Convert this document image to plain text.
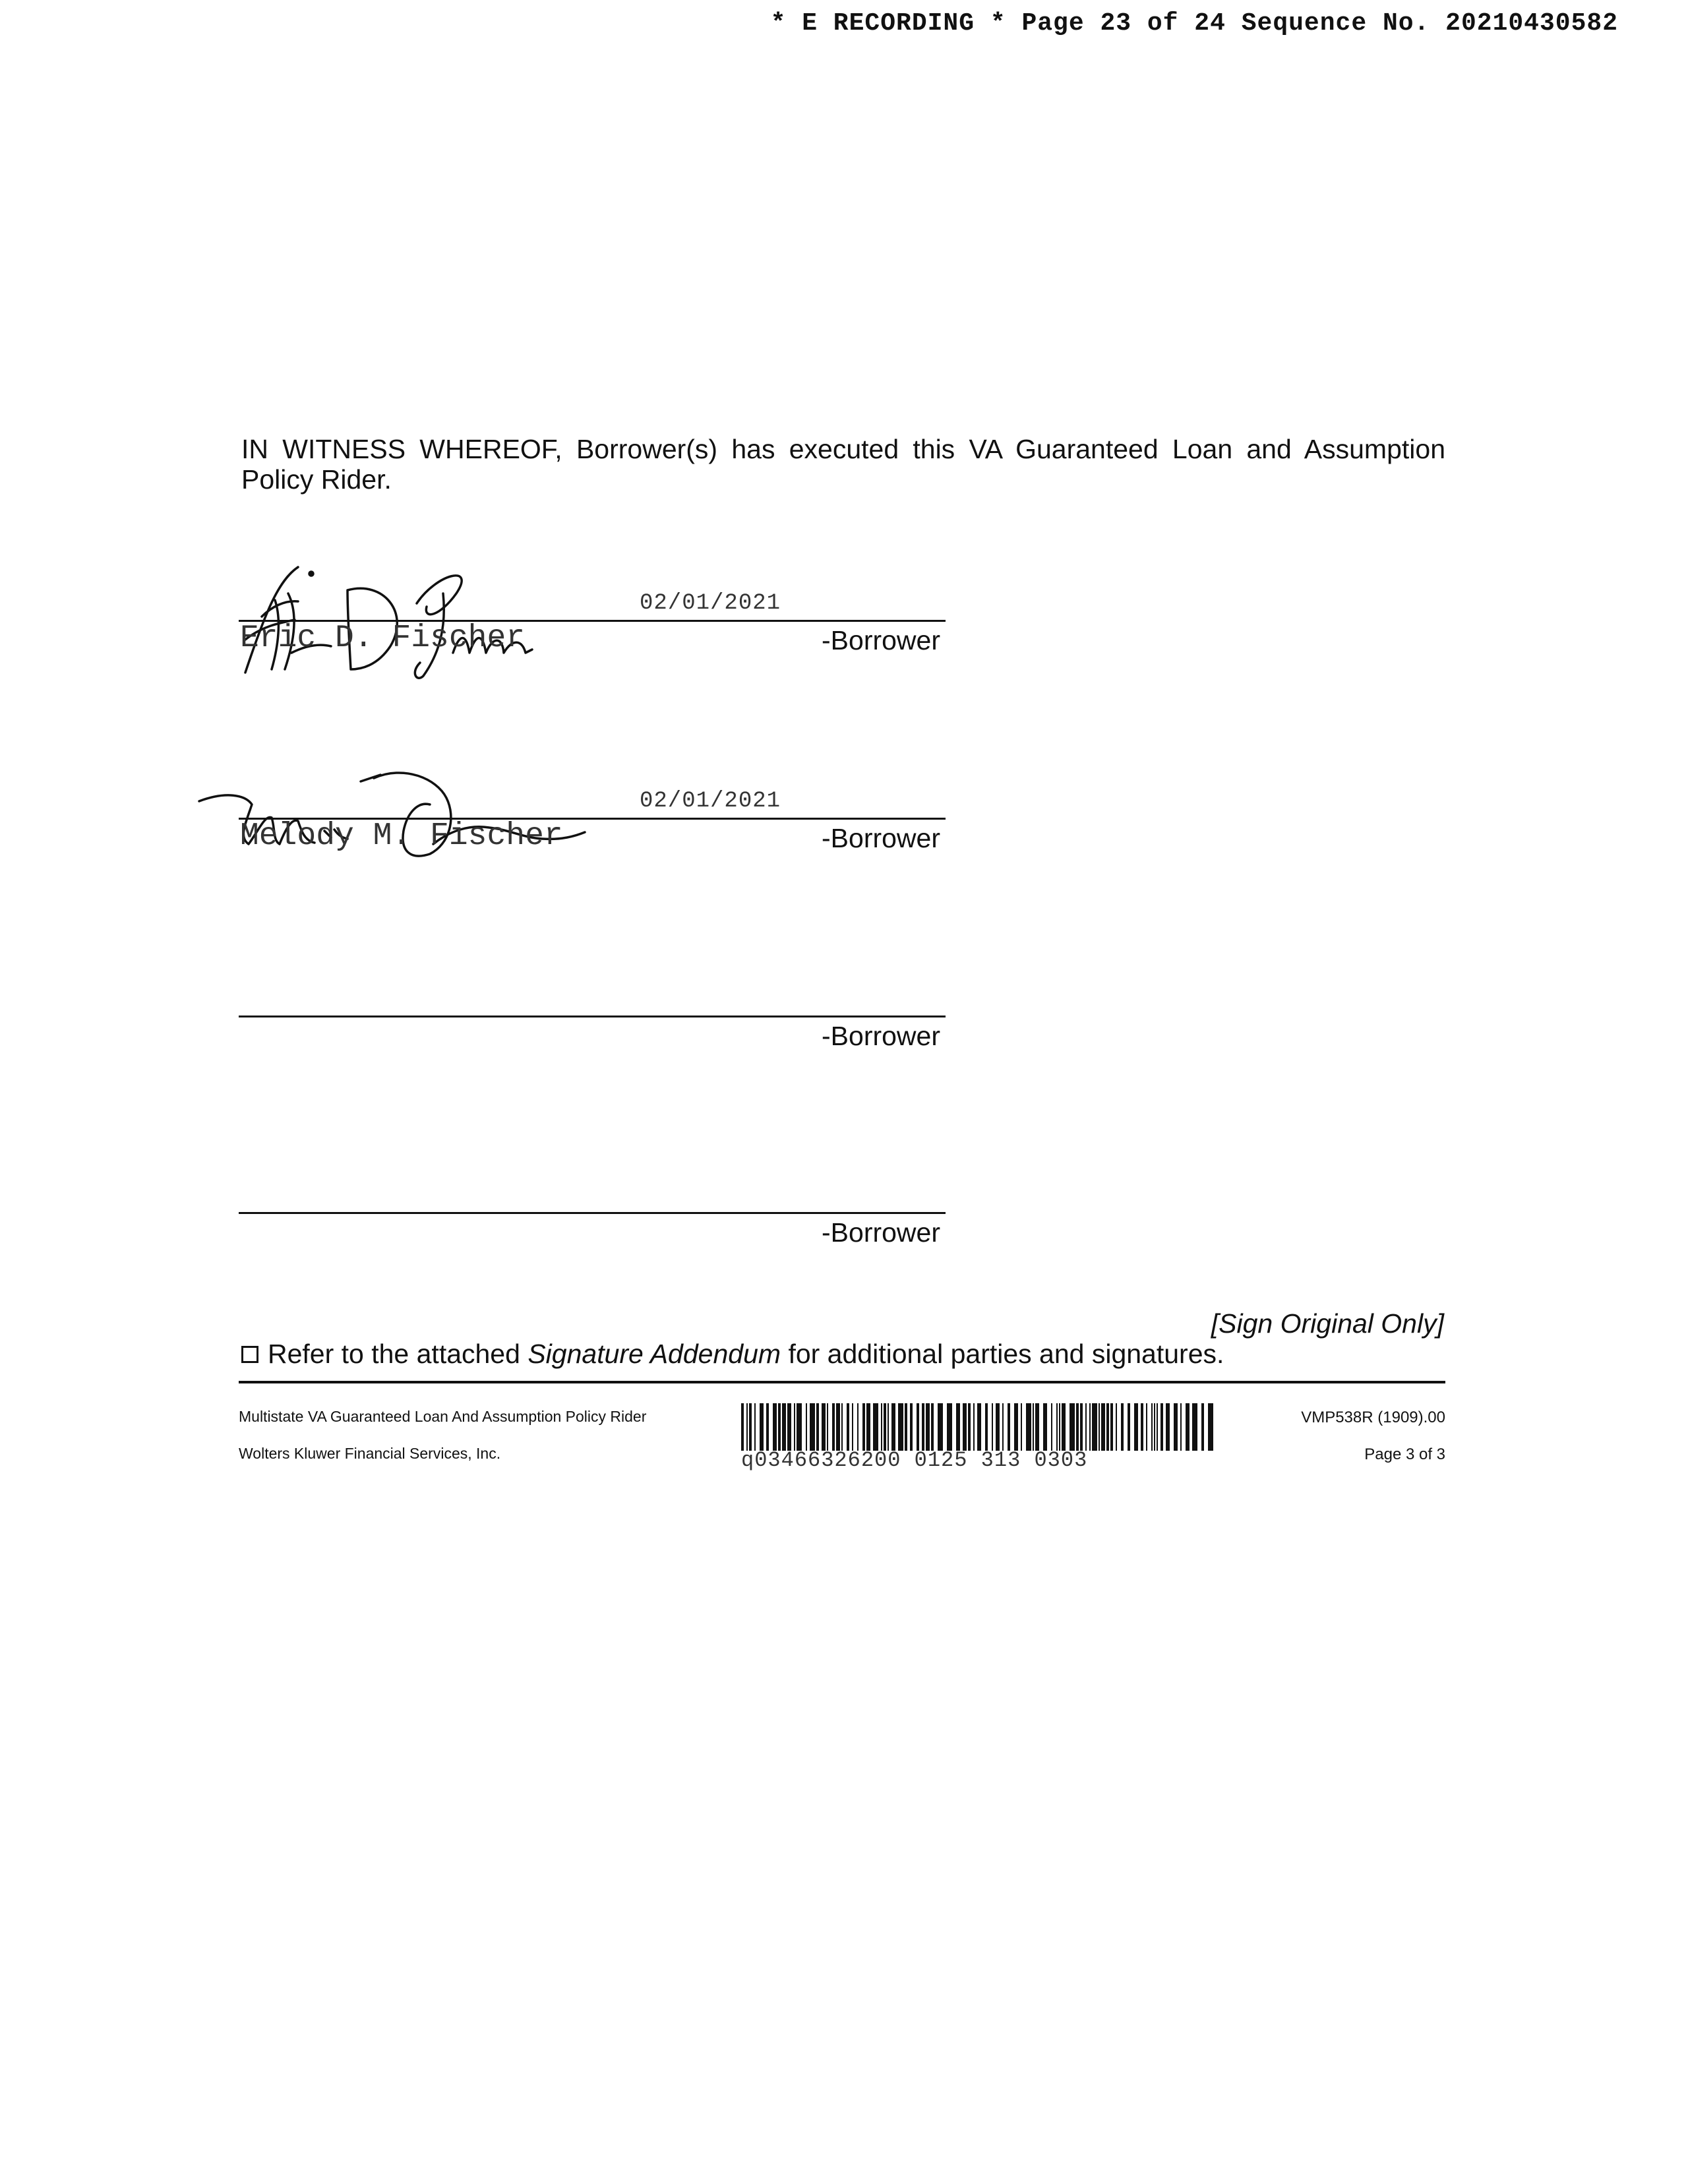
* E RECORDING * Page 23 of 24 Sequence No. 20210430582
IN WITNESS WHEREOF, Borrower(s) has executed this VA Guaranteed Loan and Assumption Policy Rider.
02/01/2021
Eric D. Fischer	-Borrower
02/01/2021
Melody M. Fischer	-Borrower
-Borrower
-Borrower
[Sign Original Only]
Refer to the attached
Signature Addendum
for additional parties and signatures.
Multistate VA Guaranteed Loan And Assumption Policy Rider
Wolters Kluwer Financial Services, Inc.	q03466326200 0125 313 0303
VMP538R (1909).00
Page 3 of 3
